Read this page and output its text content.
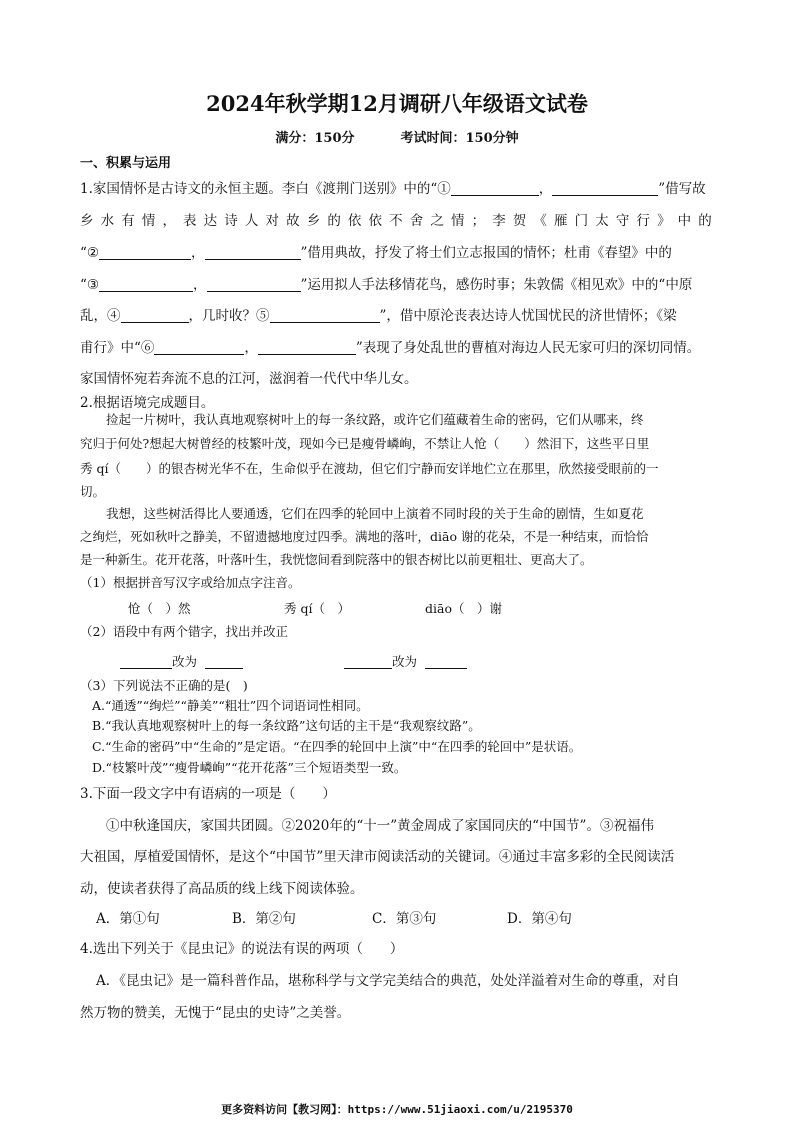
2024年秋学期12月调研八年级语文试卷
满分：150分	考试时间：150分钟
一、积累与运用
1.家国情怀是古诗文的永恒主题。李白《渡荆门送别》中的“①	，	”借写故
乡 水 有 情 ， 表 达 诗 人 对 故 乡 的 依 依 不 舍 之 情 ； 李 贺 《 雁 门 太 守 行 》 中 的
“②	，	”借用典故，抒发了将士们立志报国的情怀；杜甫《春望》中的
“③	，	”运用拟人手法移情花鸟，感伤时事；朱敦儒《相见欢》中的“中原
乱，④	，几时收？⑤	”，借中原沦丧表达诗人忧国忧民的济世情怀；《梁
甫行》中“⑥	，	”表现了身处乱世的曹植对海边人民无家可归的深切同情。
家国情怀宛若奔流不息的江河，滋润着一代代中华儿女。
2.根据语境完成题目。
捡起一片树叶，我认真地观察树叶上的每一条纹路，或许它们蕴藏着生命的密码，它们从哪来，终
究归于何处?想起大树曾经的枝繁叶茂，现如今已是瘦骨嶙峋，不禁让人怆（　　）然泪下，这些平日里
秀 qí（　　）的银杏树光华不在，生命似乎在渡劫，但它们宁静而安详地伫立在那里，欣然接受眼前的一
切。
我想，这些树活得比人要通透，它们在四季的轮回中上演着不同时段的关于生命的剧情，生如夏花
之绚烂，死如秋叶之静美，不留遗撼地度过四季。满地的落叶，diāo 谢的花朵，不是一种结束，而恰恰
是一种新生。花开花落，叶落叶生，我恍惚间看到院落中的银杏树比以前更粗壮、更高大了。
（1）根据拼音写汉字或给加点字注音。
怆（　）然	秀 qí（　）	diāo（　）谢
（2）语段中有两个错字，找出并改正
改为	改为
（3）下列说法不正确的是(　)
A.“通透”“绚烂”“静美”“粗壮”四个词语词性相同。
B.“我认真地观察树叶上的每一条纹路”这句话的主干是“我观察纹路”。
C.“生命的密码”中“生命的”是定语。“在四季的轮回中上演”中“在四季的轮回中”是状语。
D.“枝繁叶茂”“瘦骨嶙峋”“花开花落”三个短语类型一致。
3.下面一段文字中有语病的一项是（　　）
①中秋逢国庆，家国共团圆。②2020年的“十一”黄金周成了家国同庆的“中国节”。③祝福伟
大祖国，厚植爱国情怀，是这个“中国节”里天津市阅读活动的关键词。④通过丰富多彩的全民阅读活
动，使读者获得了高品质的线上线下阅读体验。
A．第①句	B．第②句	C．第③句	D．第④句
4.选出下列关于《昆虫记》的说法有误的两项（　　）
A．《昆虫记》是一篇科普作品，堪称科学与文学完美结合的典范，处处洋溢着对生命的尊重，对自
然万物的赞美，无愧于“昆虫的史诗”之美誉。
更多资料访问【教习网】：https://www.51jiaoxi.com/u/2195370
